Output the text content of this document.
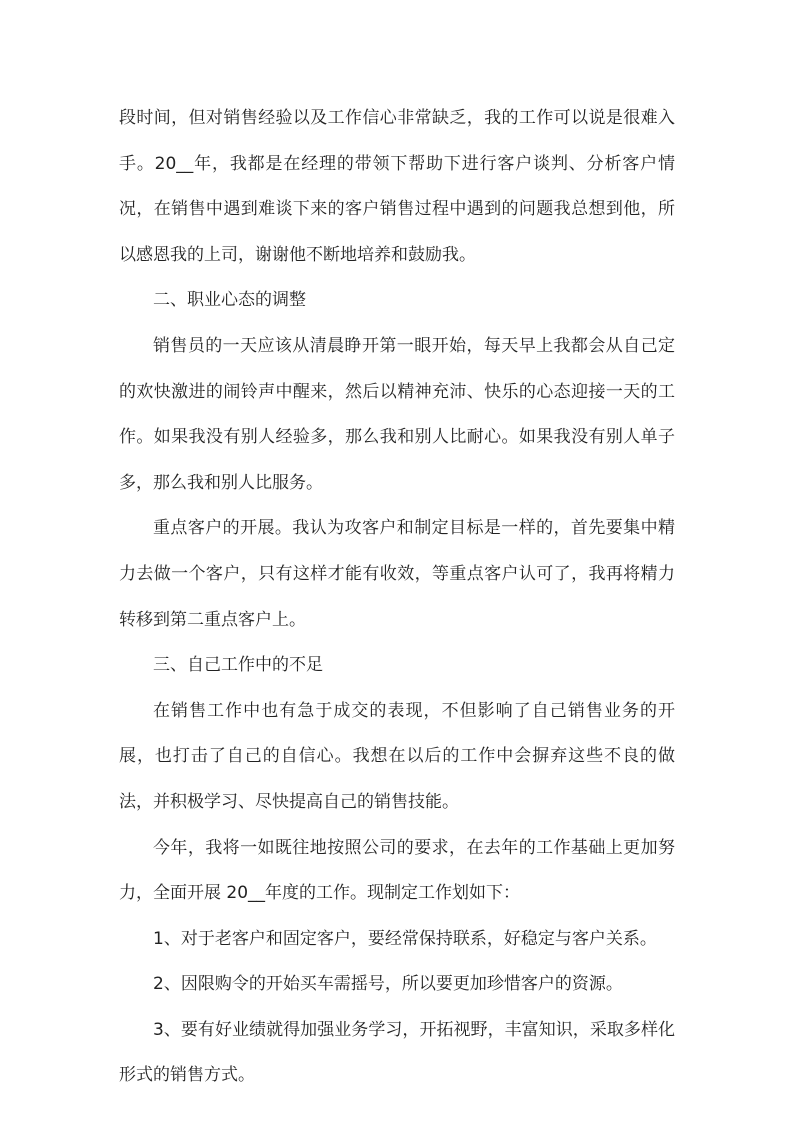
段时间，但对销售经验以及工作信心非常缺乏，我的工作可以说是很难入手。20__年，我都是在经理的带领下帮助下进行客户谈判、分析客户情况，在销售中遇到难谈下来的客户销售过程中遇到的问题我总想到他，所以感恩我的上司，谢谢他不断地培养和鼓励我。

二、职业心态的调整

销售员的一天应该从清晨睁开第一眼开始，每天早上我都会从自己定的欢快激进的闹铃声中醒来，然后以精神充沛、快乐的心态迎接一天的工作。如果我没有别人经验多，那么我和别人比耐心。如果我没有别人单子多，那么我和别人比服务。

重点客户的开展。我认为攻客户和制定目标是一样的，首先要集中精力去做一个客户，只有这样才能有收效，等重点客户认可了，我再将精力转移到第二重点客户上。

三、自己工作中的不足

在销售工作中也有急于成交的表现，不但影响了自己销售业务的开展，也打击了自己的自信心。我想在以后的工作中会摒弃这些不良的做法，并积极学习、尽快提高自己的销售技能。

今年，我将一如既往地按照公司的要求，在去年的工作基础上更加努力，全面开展 20__年度的工作。现制定工作划如下：

1、对于老客户和固定客户，要经常保持联系，好稳定与客户关系。

2、因限购令的开始买车需摇号，所以要更加珍惜客户的资源。

3、要有好业绩就得加强业务学习，开拓视野，丰富知识，采取多样化形式的销售方式。
